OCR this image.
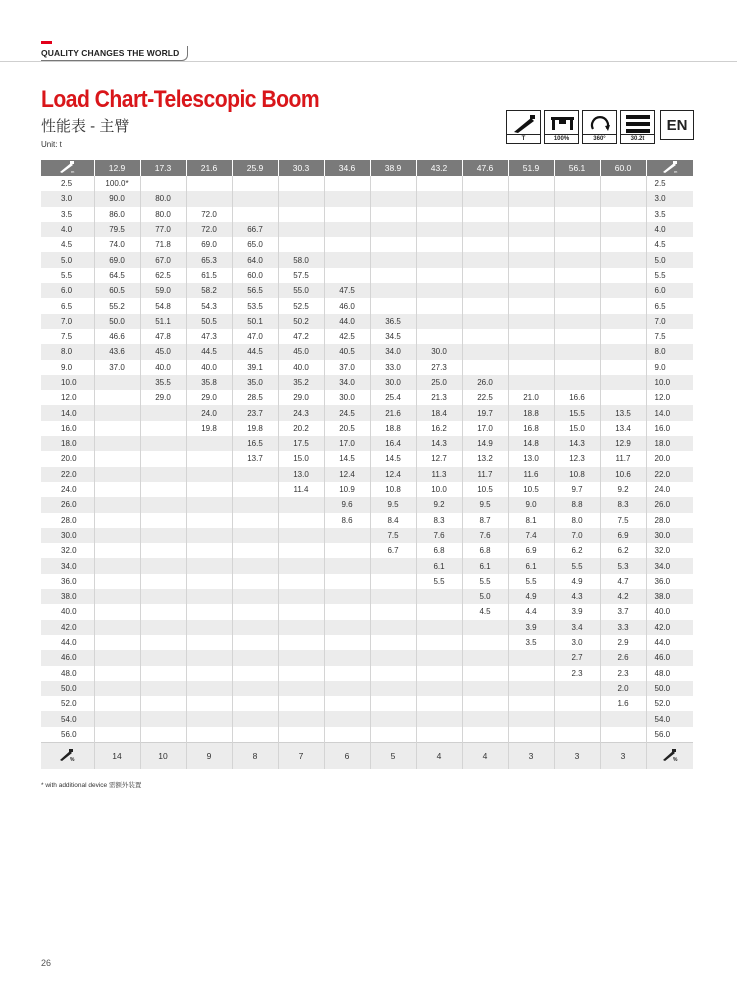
QUALITY CHANGES THE WORLD
Load Chart-Telescopic Boom
性能表 - 主臂
Unit: t
T	100%	360°	30.2t
EN
m	12.9	17.3	21.6	25.9	30.3	34.6	38.9	43.2	47.6	51.9	56.1	60.0	m

2.5	100.0*												2.5
3.0	90.0	80.0											3.0
3.5	86.0	80.0	72.0										3.5
4.0	79.5	77.0	72.0	66.7									4.0
4.5	74.0	71.8	69.0	65.0									4.5
5.0	69.0	67.0	65.3	64.0	58.0								5.0
5.5	64.5	62.5	61.5	60.0	57.5								5.5
6.0	60.5	59.0	58.2	56.5	55.0	47.5							6.0
6.5	55.2	54.8	54.3	53.5	52.5	46.0							6.5
7.0	50.0	51.1	50.5	50.1	50.2	44.0	36.5						7.0
7.5	46.6	47.8	47.3	47.0	47.2	42.5	34.5						7.5
8.0	43.6	45.0	44.5	44.5	45.0	40.5	34.0	30.0					8.0
9.0	37.0	40.0	40.0	39.1	40.0	37.0	33.0	27.3					9.0
10.0		35.5	35.8	35.0	35.2	34.0	30.0	25.0	26.0				10.0
12.0		29.0	29.0	28.5	29.0	30.0	25.4	21.3	22.5	21.0	16.6		12.0
14.0			24.0	23.7	24.3	24.5	21.6	18.4	19.7	18.8	15.5	13.5	14.0
16.0			19.8	19.8	20.2	20.5	18.8	16.2	17.0	16.8	15.0	13.4	16.0
18.0				16.5	17.5	17.0	16.4	14.3	14.9	14.8	14.3	12.9	18.0
20.0				13.7	15.0	14.5	14.5	12.7	13.2	13.0	12.3	11.7	20.0
22.0					13.0	12.4	12.4	11.3	11.7	11.6	10.8	10.6	22.0
24.0					11.4	10.9	10.8	10.0	10.5	10.5	9.7	9.2	24.0
26.0						9.6	9.5	9.2	9.5	9.0	8.8	8.3	26.0
28.0						8.6	8.4	8.3	8.7	8.1	8.0	7.5	28.0
30.0							7.5	7.6	7.6	7.4	7.0	6.9	30.0
32.0							6.7	6.8	6.8	6.9	6.2	6.2	32.0
34.0								6.1	6.1	6.1	5.5	5.3	34.0
36.0								5.5	5.5	5.5	4.9	4.7	36.0
38.0									5.0	4.9	4.3	4.2	38.0
40.0									4.5	4.4	3.9	3.7	40.0
42.0										3.9	3.4	3.3	42.0
44.0										3.5	3.0	2.9	44.0
46.0											2.7	2.6	46.0
48.0											2.3	2.3	48.0
50.0												2.0	50.0
52.0												1.6	52.0
54.0													54.0
56.0													56.0

%	14	10	9	8	7	6	5	4	4	3	3	3	%
* with additional device 需额外装置
26
